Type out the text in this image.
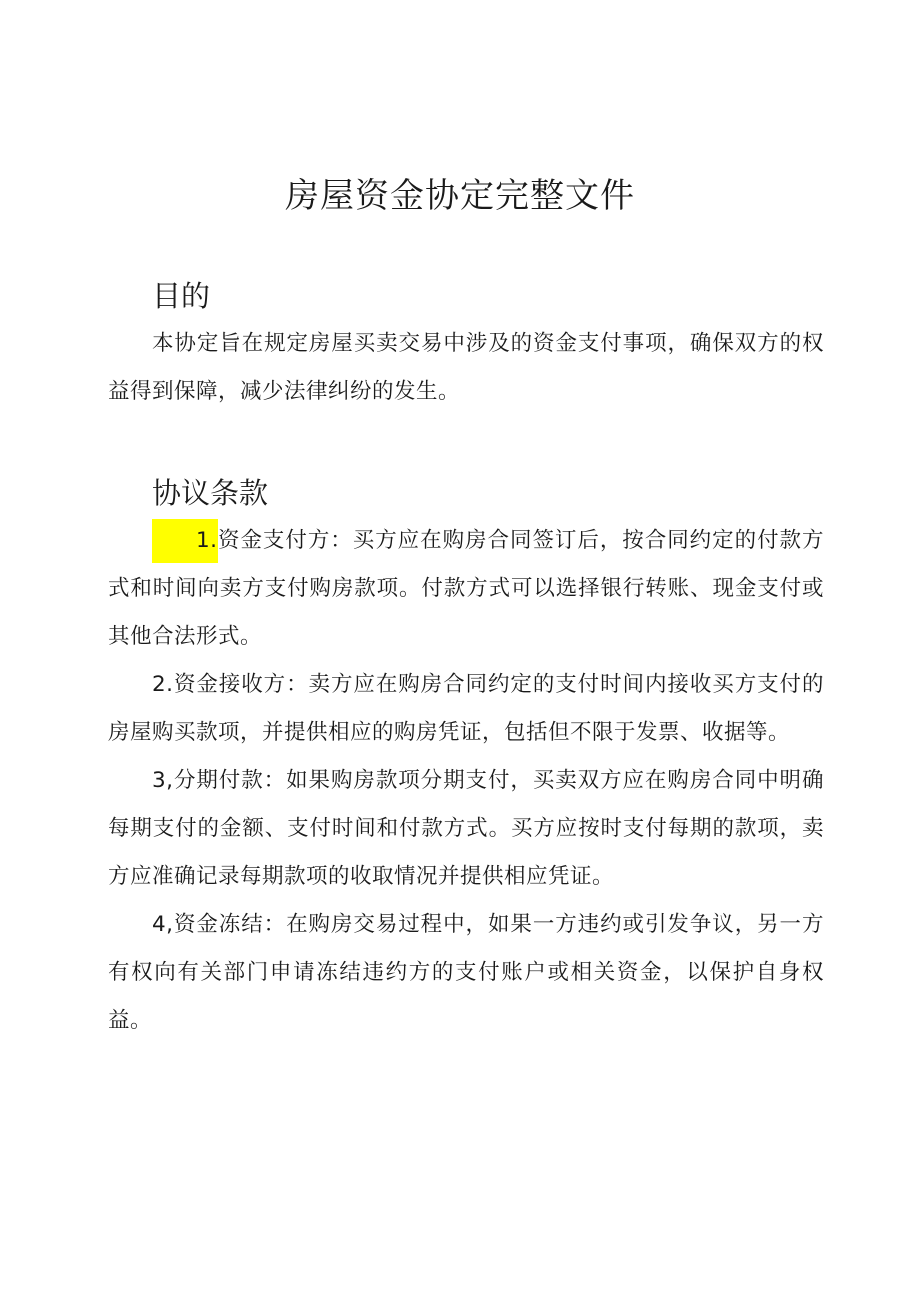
房屋资金协定完整文件
目的

本协定旨在规定房屋买卖交易中涉及的资金支付事项，确保双方的权益得到保障，减少法律纠纷的发生。

协议条款

1.资金支付方：买方应在购房合同签订后，按合同约定的付款方式和时间向卖方支付购房款项。付款方式可以选择银行转账、现金支付或其他合法形式。

2.资金接收方：卖方应在购房合同约定的支付时间内接收买方支付的房屋购买款项，并提供相应的购房凭证，包括但不限于发票、收据等。

3,分期付款：如果购房款项分期支付，买卖双方应在购房合同中明确每期支付的金额、支付时间和付款方式。买方应按时支付每期的款项，卖方应准确记录每期款项的收取情况并提供相应凭证。

4,资金冻结：在购房交易过程中，如果一方违约或引发争议，另一方有权向有关部门申请冻结违约方的支付账户或相关资金，以保护自身权益。
